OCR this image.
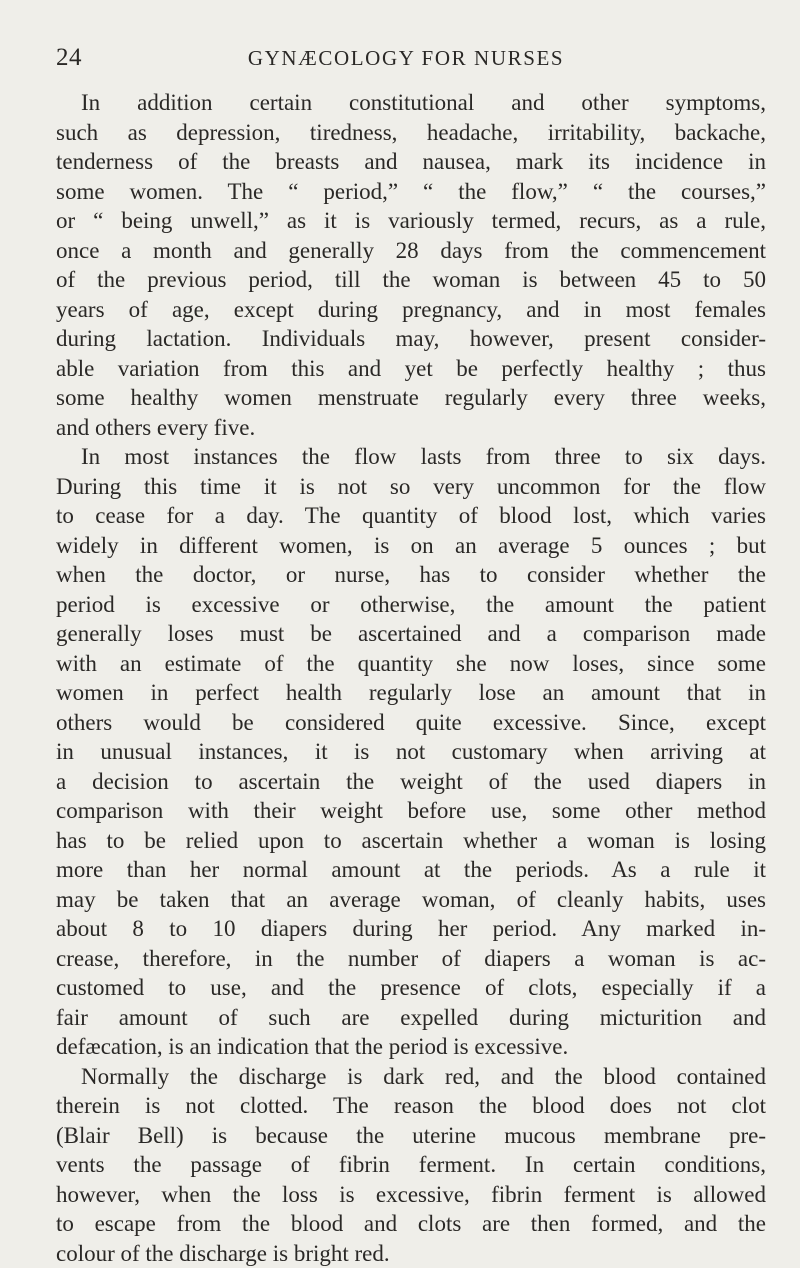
24	GYNÆCOLOGY FOR NURSES
In addition certain constitutional and other symptoms,
such as depression, tiredness, headache, irritability, backache,
tenderness of the breasts and nausea, mark its incidence in
some women. The “ period,” “ the flow,” “ the courses,”
or “ being unwell,” as it is variously termed, recurs, as a rule,
once a month and generally 28 days from the commencement
of the previous period, till the woman is between 45 to 50
years of age, except during pregnancy, and in most females
during lactation. Individuals may, however, present consider-
able variation from this and yet be perfectly healthy ; thus
some healthy women menstruate regularly every three weeks,
and others every five.
In most instances the flow lasts from three to six days.
During this time it is not so very uncommon for the flow
to cease for a day. The quantity of blood lost, which varies
widely in different women, is on an average 5 ounces ; but
when the doctor, or nurse, has to consider whether the
period is excessive or otherwise, the amount the patient
generally loses must be ascertained and a comparison made
with an estimate of the quantity she now loses, since some
women in perfect health regularly lose an amount that in
others would be considered quite excessive. Since, except
in unusual instances, it is not customary when arriving at
a decision to ascertain the weight of the used diapers in
comparison with their weight before use, some other method
has to be relied upon to ascertain whether a woman is losing
more than her normal amount at the periods. As a rule it
may be taken that an average woman, of cleanly habits, uses
about 8 to 10 diapers during her period. Any marked in-
crease, therefore, in the number of diapers a woman is ac-
customed to use, and the presence of clots, especially if a
fair amount of such are expelled during micturition and
defæcation, is an indication that the period is excessive.
Normally the discharge is dark red, and the blood contained
therein is not clotted. The reason the blood does not clot
(Blair Bell) is because the uterine mucous membrane pre-
vents the passage of fibrin ferment. In certain conditions,
however, when the loss is excessive, fibrin ferment is allowed
to escape from the blood and clots are then formed, and the
colour of the discharge is bright red.
